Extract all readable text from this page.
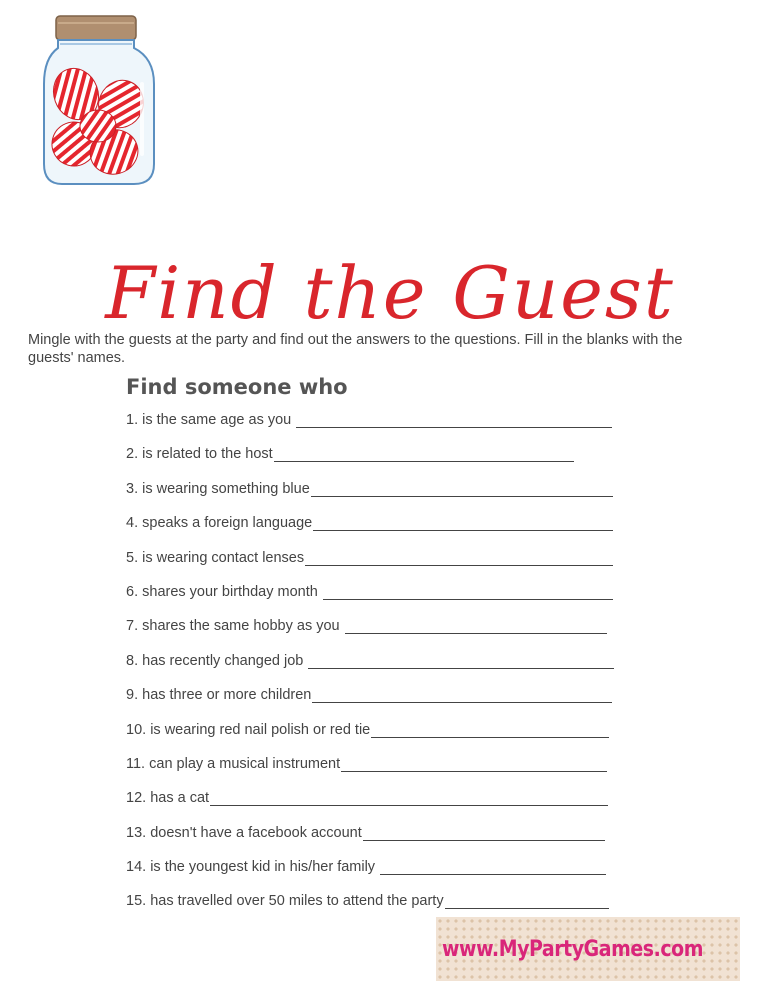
Find the Guest

Mingle with the guests at the party and find out the answers to the questions. Fill in the blanks with the guests' names.

Find someone who
1.
is the same age as you
2.
is related to the host
3.
is wearing something blue
4.
speaks a foreign language
5.
is wearing contact lenses
6.
shares your birthday month
7.
shares the same hobby as you
8.
has recently changed job
9.
has three or more children
10.
is wearing red nail polish or red tie
11.
can play a musical instrument
12.
has a cat
13.
doesn't have a facebook account
14.
is the youngest kid in his/her family
15.
has travelled over 50 miles to attend the party
www.MyPartyGames.com
